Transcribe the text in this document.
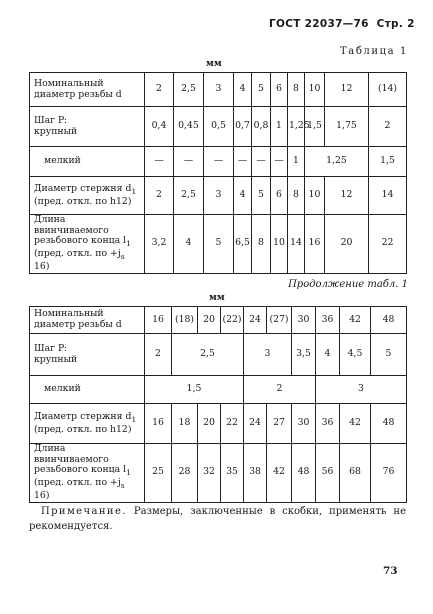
ГОСТ 22037—76 Стр. 2
Таблица 1
мм
Номинальный диаметр резьбы d	2	2,5	3	4	5	6	8	10	12	(14)
Шаг P:
крупный	0,4	0,45	0,5	0,7	0,8	1	1,25	1,5	1,75	2
мелкий	—	—	—	—	—	—	1	1,25		1,5
Диаметр стержня $d_1$
(пред. откл. по h12)	2	2,5	3	4	5	6	8	10	12	14
Длина ввинчиваемого
резьбового конца $l_1$
(пред. откл. по $+j_s$ 16)	3,2	4	5	6,5	8	10	14	16	20	22
Продолжение табл. 1
мм
Номинальный диаметр резьбы d	16	(18)	20	(22)	24	(27)	30	36	42	48
Шаг P:
крупный	2	2,5			3		3,5	4	4,5	5
мелкий	1,5				2			3		
Диаметр стержня $d_1$
(пред. откл. по h12)	16	18	20	22	24	27	30	36	42	48
Длина ввинчиваемого
резьбового конца $l_1$
(пред. откл. по $+j_s$ 16)	25	28	32	35	38	42	48	56	68	76
Примечание. Размеры, заключенные в скобки, применять не рекомендуется.
73
